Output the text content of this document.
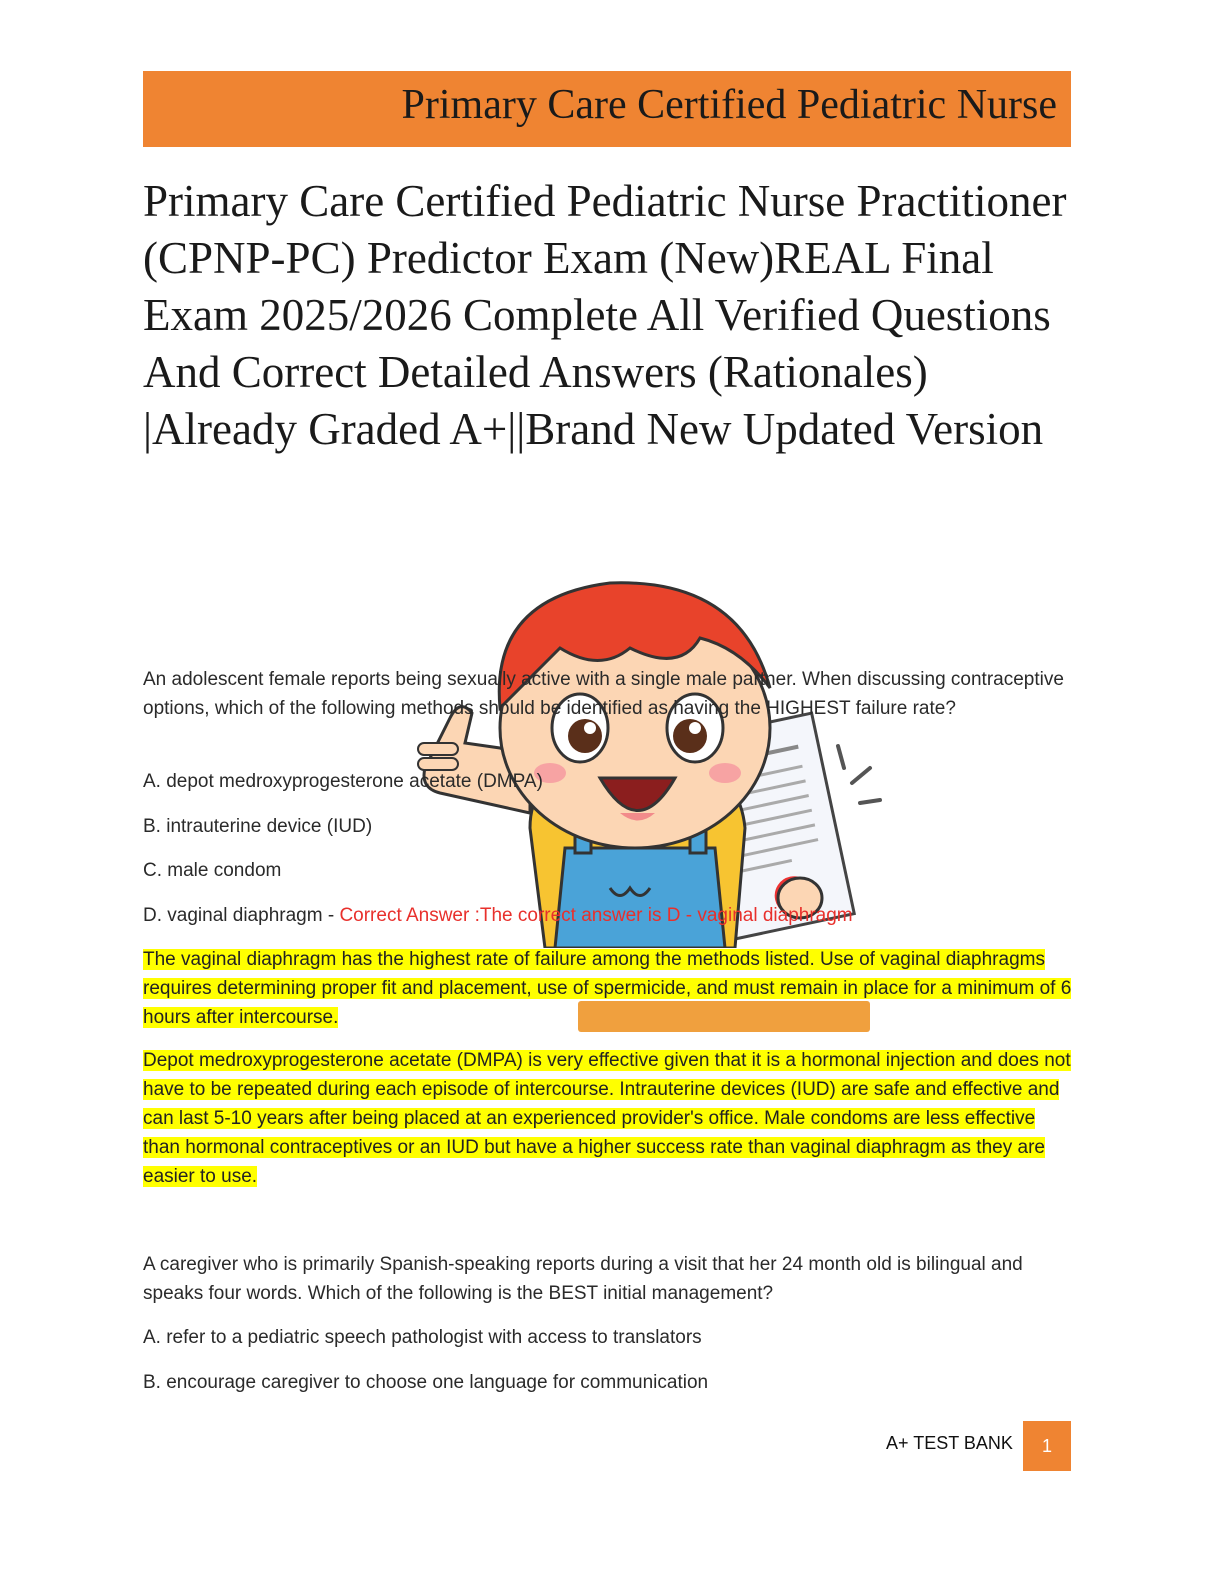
Primary Care Certified Pediatric Nurse
Primary Care Certified Pediatric Nurse Practitioner (CPNP-PC) Predictor Exam (New)REAL Final Exam 2025/2026 Complete All Verified Questions And Correct Detailed Answers (Rationales) |Already Graded A+||Brand New Updated Version
An adolescent female reports being sexually active with a single male partner. When discussing contraceptive options, which of the following methods should be identified as having the HIGHEST failure rate?
A. depot medroxyprogesterone acetate (DMPA)
B. intrauterine device (IUD)
C. male condom
D. vaginal diaphragm - Correct Answer :The correct answer is D - vaginal diaphragm
The vaginal diaphragm has the highest rate of failure among the methods listed. Use of vaginal diaphragms requires determining proper fit and placement, use of spermicide, and must remain in place for a minimum of 6 hours after intercourse.
Depot medroxyprogesterone acetate (DMPA) is very effective given that it is a hormonal injection and does not have to be repeated during each episode of intercourse. Intrauterine devices (IUD) are safe and effective and can last 5-10 years after being placed at an experienced provider's office. Male condoms are less effective than hormonal contraceptives or an IUD but have a higher success rate than vaginal diaphragm as they are easier to use.
A caregiver who is primarily Spanish-speaking reports during a visit that her 24 month old is bilingual and speaks four words. Which of the following is the BEST initial management?
A. refer to a pediatric speech pathologist with access to translators
B. encourage caregiver to choose one language for communication
A+ TEST BANK	1
